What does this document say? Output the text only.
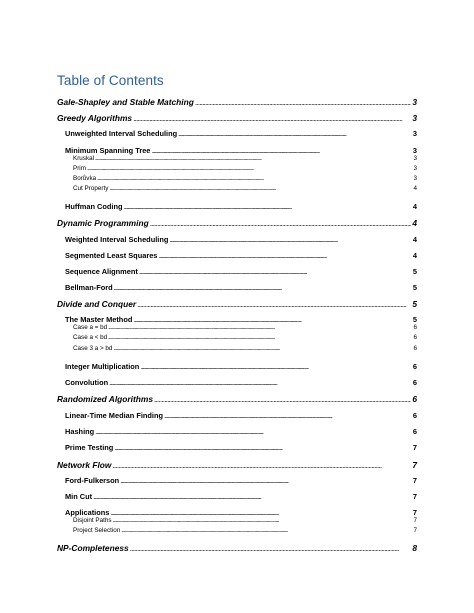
Table of Contents
Gale-Shapley and Stable Matching . . .	3
Greedy Algorithms . . .	3
Unweighted Interval Scheduling . . .	3
Minimum Spanning Tree . . .	3
Kruskal . . .	3
Prim . . .	3
Borůvka . . .	3
Cut Property . . .	4
Huffman Coding . . .	4
Dynamic Programming . . .	4
Weighted Interval Scheduling . . .	4
Segmented Least Squares . . .	4
Sequence Alignment . . .	5
Bellman-Ford . . .	5
Divide and Conquer . . .	5
The Master Method . . .	5
Case a = bd . . .	6
Case a < bd . . .	6
Case 3 a > bd . . .	6
Integer Multiplication . . .	6
Convolution . . .	6
Randomized Algorithms . . .	6
Linear-Time Median Finding . . .	6
Hashing . . .	6
Prime Testing . . .	7
Network Flow . . .	7
Ford-Fulkerson . . .	7
Min Cut . . .	7
Applications . . .	7
Disjoint Paths . . .	7
Project Selection . . .	7
NP-Completeness . . .	8
